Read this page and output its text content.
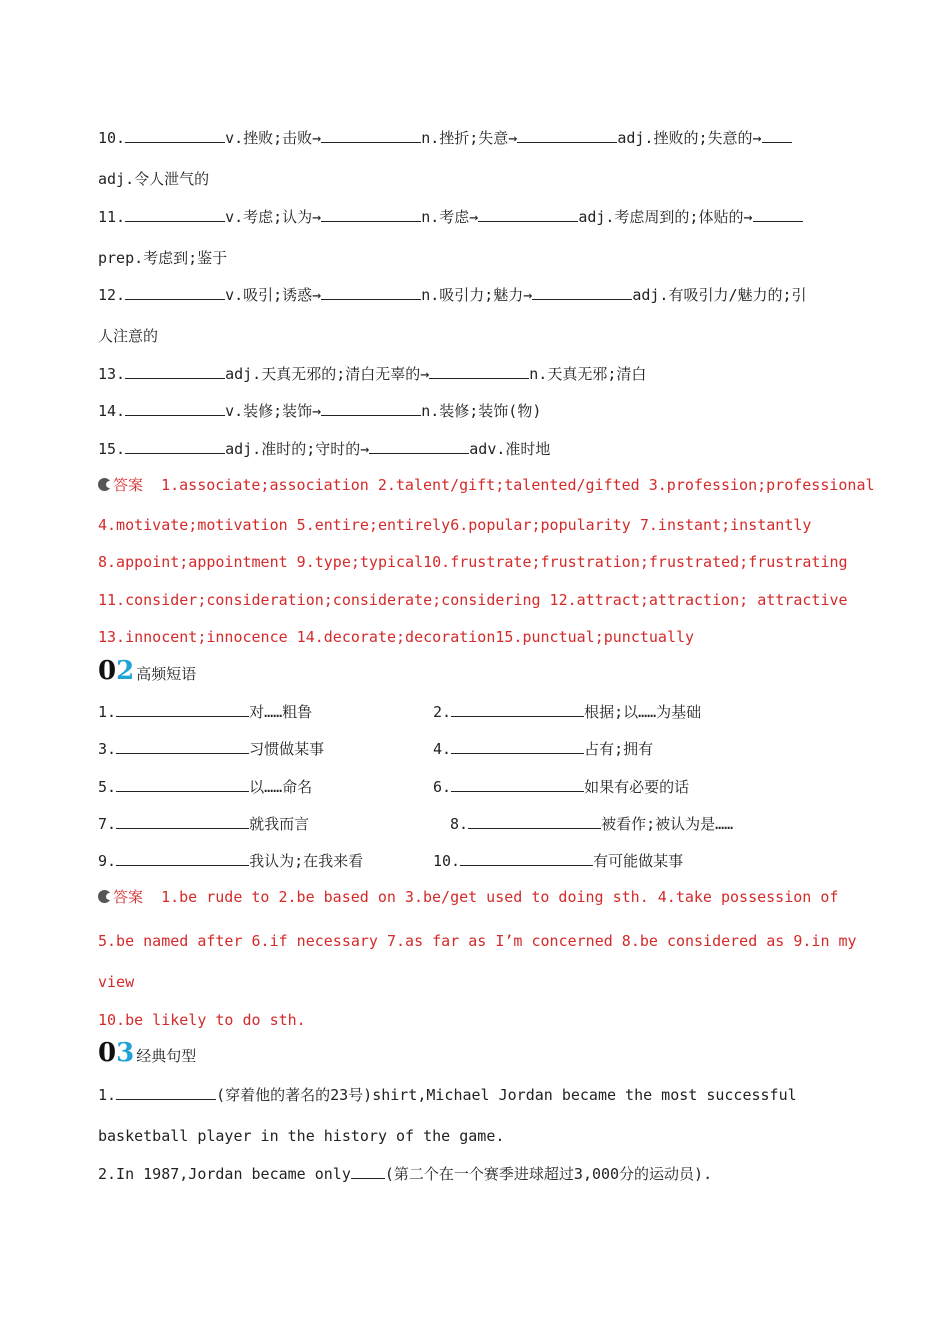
10.	v.挫败;击败→	n.挫折;失意→	adj.挫败的;失意的→
adj.令人泄气的
11.	v.考虑;认为→	n.考虑→	adj.考虑周到的;体贴的→
prep.考虑到;鉴于
12.	v.吸引;诱惑→	n.吸引力;魅力→	adj.有吸引力/魅力的;引
人注意的
13.	adj.天真无邪的;清白无辜的→	n.天真无邪;清白
14.	v.装修;装饰→	n.装修;装饰(物)
15.	adj.准时的;守时的→	adv.准时地
答案 1.associate;association 2.talent/gift;talented/gifted 3.profession;professional
4.motivate;motivation 5.entire;entirely6.popular;popularity 7.instant;instantly
8.appoint;appointment 9.type;typical10.frustrate;frustration;frustrated;frustrating
11.consider;consideration;considerate;considering 12.attract;attraction; attractive
13.innocent;innocence 14.decorate;decoration15.punctual;punctually
02 高频短语
1.	对……粗鲁	2.	根据;以……为基础
3.	习惯做某事	4.	占有;拥有
5.	以……命名	6.	如果有必要的话
7.	就我而言	8.	被看作;被认为是……
9.	我认为;在我来看	10.	有可能做某事
答案 1.be rude to 2.be based on 3.be/get used to doing sth. 4.take possession of
5.be named after 6.if necessary 7.as far as I’m concerned 8.be considered as 9.in my
view
10.be likely to do sth.
03 经典句型
1.	(穿着他的著名的23号)shirt,Michael Jordan became the most successful
basketball player in the history of the game.
2.In 1987,Jordan became only (第二个在一个赛季进球超过3,000分的运动员).
